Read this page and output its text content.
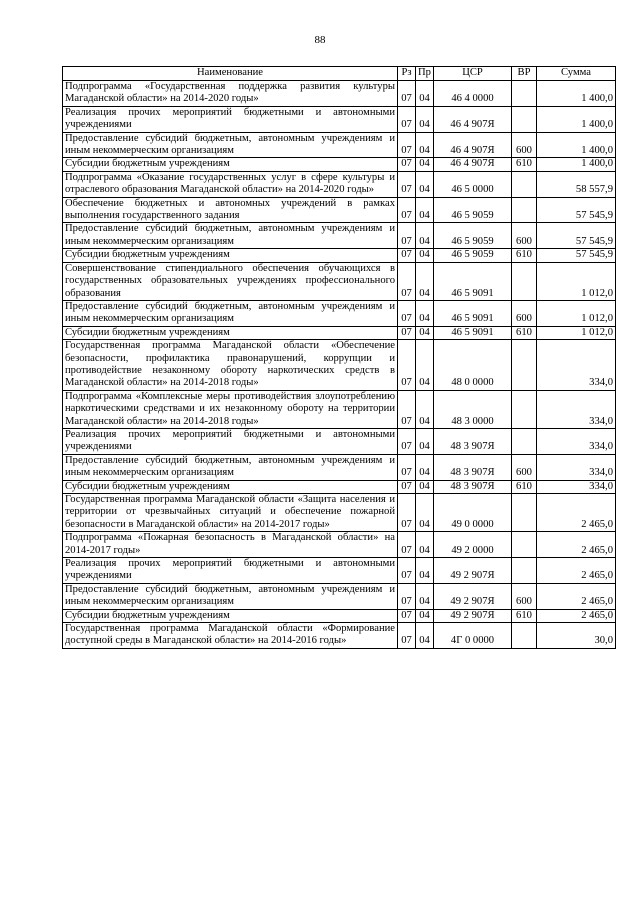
88
Наименование	Рз	Пр	ЦСР	ВР	Сумма
Подпрограмма «Государственная поддержка развития культуры Магаданской области» на 2014-2020 годы»	07	04	46 4 0000		1 400,0
Реализация прочих мероприятий бюджетными и автономными учреждениями	07	04	46 4 907Я		1 400,0
Предоставление субсидий бюджетным, автономным учреждениям и иным некоммерческим организациям	07	04	46 4 907Я	600	1 400,0
Субсидии бюджетным учреждениям	07	04	46 4 907Я	610	1 400,0
Подпрограмма «Оказание государственных услуг в сфере культуры и отраслевого образования Магаданской области» на 2014-2020 годы»	07	04	46 5 0000		58 557,9
Обеспечение бюджетных и автономных учреждений в рамках выполнения государственного задания	07	04	46 5 9059		57 545,9
Предоставление субсидий бюджетным, автономным учреждениям и иным некоммерческим организациям	07	04	46 5 9059	600	57 545,9
Субсидии бюджетным учреждениям	07	04	46 5 9059	610	57 545,9
Совершенствование стипендиального обеспечения обучающихся в государственных образовательных учреждениях профессионального образования	07	04	46 5 9091		1 012,0
Предоставление субсидий бюджетным, автономным учреждениям и иным некоммерческим организациям	07	04	46 5 9091	600	1 012,0
Субсидии бюджетным учреждениям	07	04	46 5 9091	610	1 012,0
Государственная программа Магаданской области «Обеспечение безопасности, профилактика правонарушений, коррупции и противодействие незаконному обороту наркотических средств в Магаданской области» на 2014-2018 годы»	07	04	48 0 0000		334,0
Подпрограмма «Комплексные меры противодействия злоупотреблению наркотическими средствами и их незаконному обороту на территории Магаданской области» на 2014-2018 годы»	07	04	48 3 0000		334,0
Реализация прочих мероприятий бюджетными и автономными учреждениями	07	04	48 3 907Я		334,0
Предоставление субсидий бюджетным, автономным учреждениям и иным некоммерческим организациям	07	04	48 3 907Я	600	334,0
Субсидии бюджетным учреждениям	07	04	48 3 907Я	610	334,0
Государственная программа Магаданской области «Защита населения и территории от чрезвычайных ситуаций и обеспечение пожарной безопасности в Магаданской области» на 2014-2017 годы»	07	04	49 0 0000		2 465,0
Подпрограмма «Пожарная безопасность в Магаданской области» на 2014-2017 годы»	07	04	49 2 0000		2 465,0
Реализация прочих мероприятий бюджетными и автономными учреждениями	07	04	49 2 907Я		2 465,0
Предоставление субсидий бюджетным, автономным учреждениям и иным некоммерческим организациям	07	04	49 2 907Я	600	2 465,0
Субсидии бюджетным учреждениям	07	04	49 2 907Я	610	2 465,0
Государственная программа Магаданской области «Формирование доступной среды в Магаданской области» на 2014-2016 годы»	07	04	4Г 0 0000		30,0
